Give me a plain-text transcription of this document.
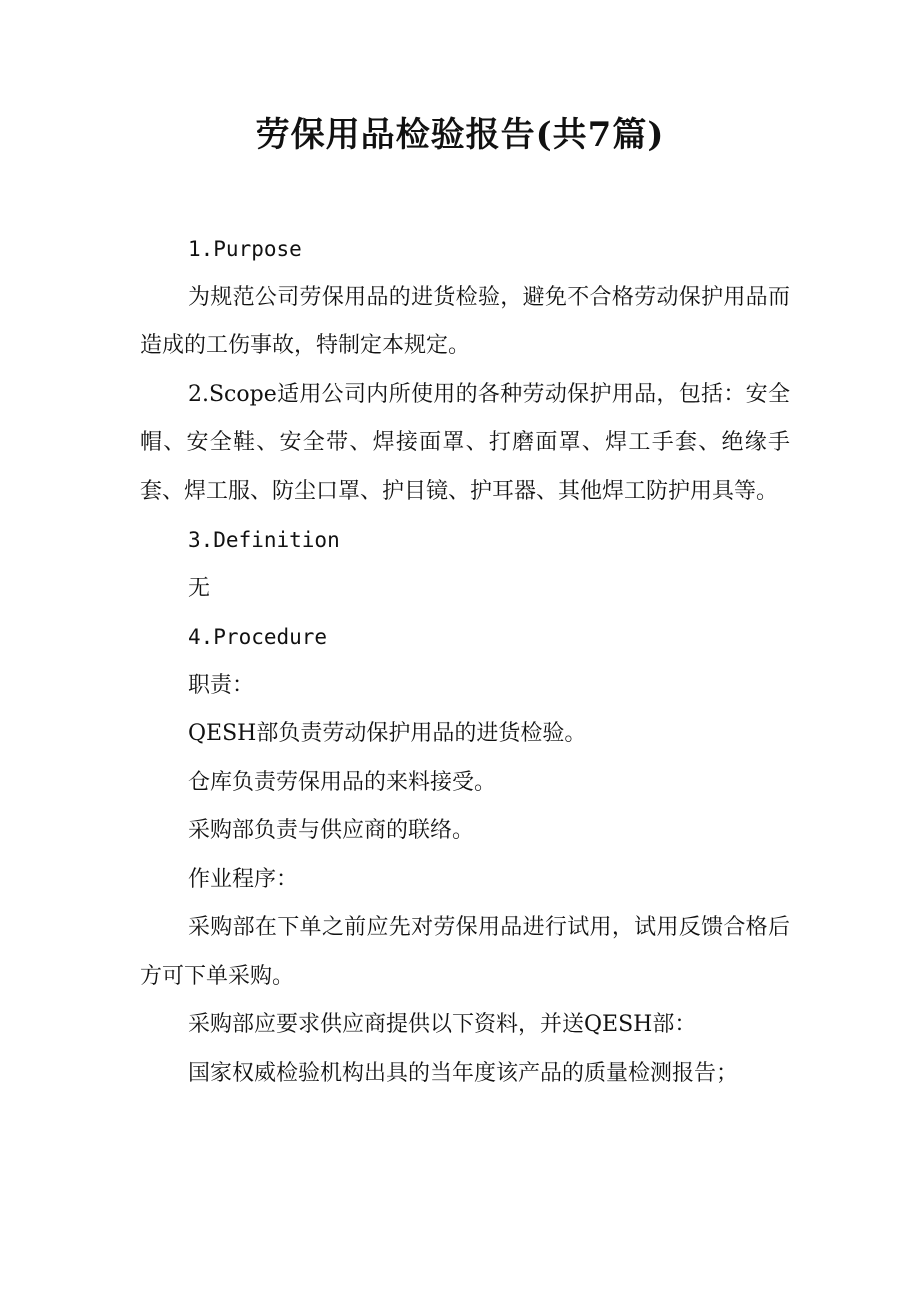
劳保用品检验报告(共7篇)

1.Purpose

为规范公司劳保用品的进货检验，避免不合格劳动保护用品而造成的工伤事故，特制定本规定。

2.Scope适用公司内所使用的各种劳动保护用品，包括：安全帽、安全鞋、安全带、焊接面罩、打磨面罩、焊工手套、绝缘手套、焊工服、防尘口罩、护目镜、护耳器、其他焊工防护用具等。

3.Definition

无

4.Procedure

职责：

QESH部负责劳动保护用品的进货检验。

仓库负责劳保用品的来料接受。

采购部负责与供应商的联络。

作业程序：

采购部在下单之前应先对劳保用品进行试用，试用反馈合格后方可下单采购。

采购部应要求供应商提供以下资料，并送QESH部：

国家权威检验机构出具的当年度该产品的质量检测报告；
